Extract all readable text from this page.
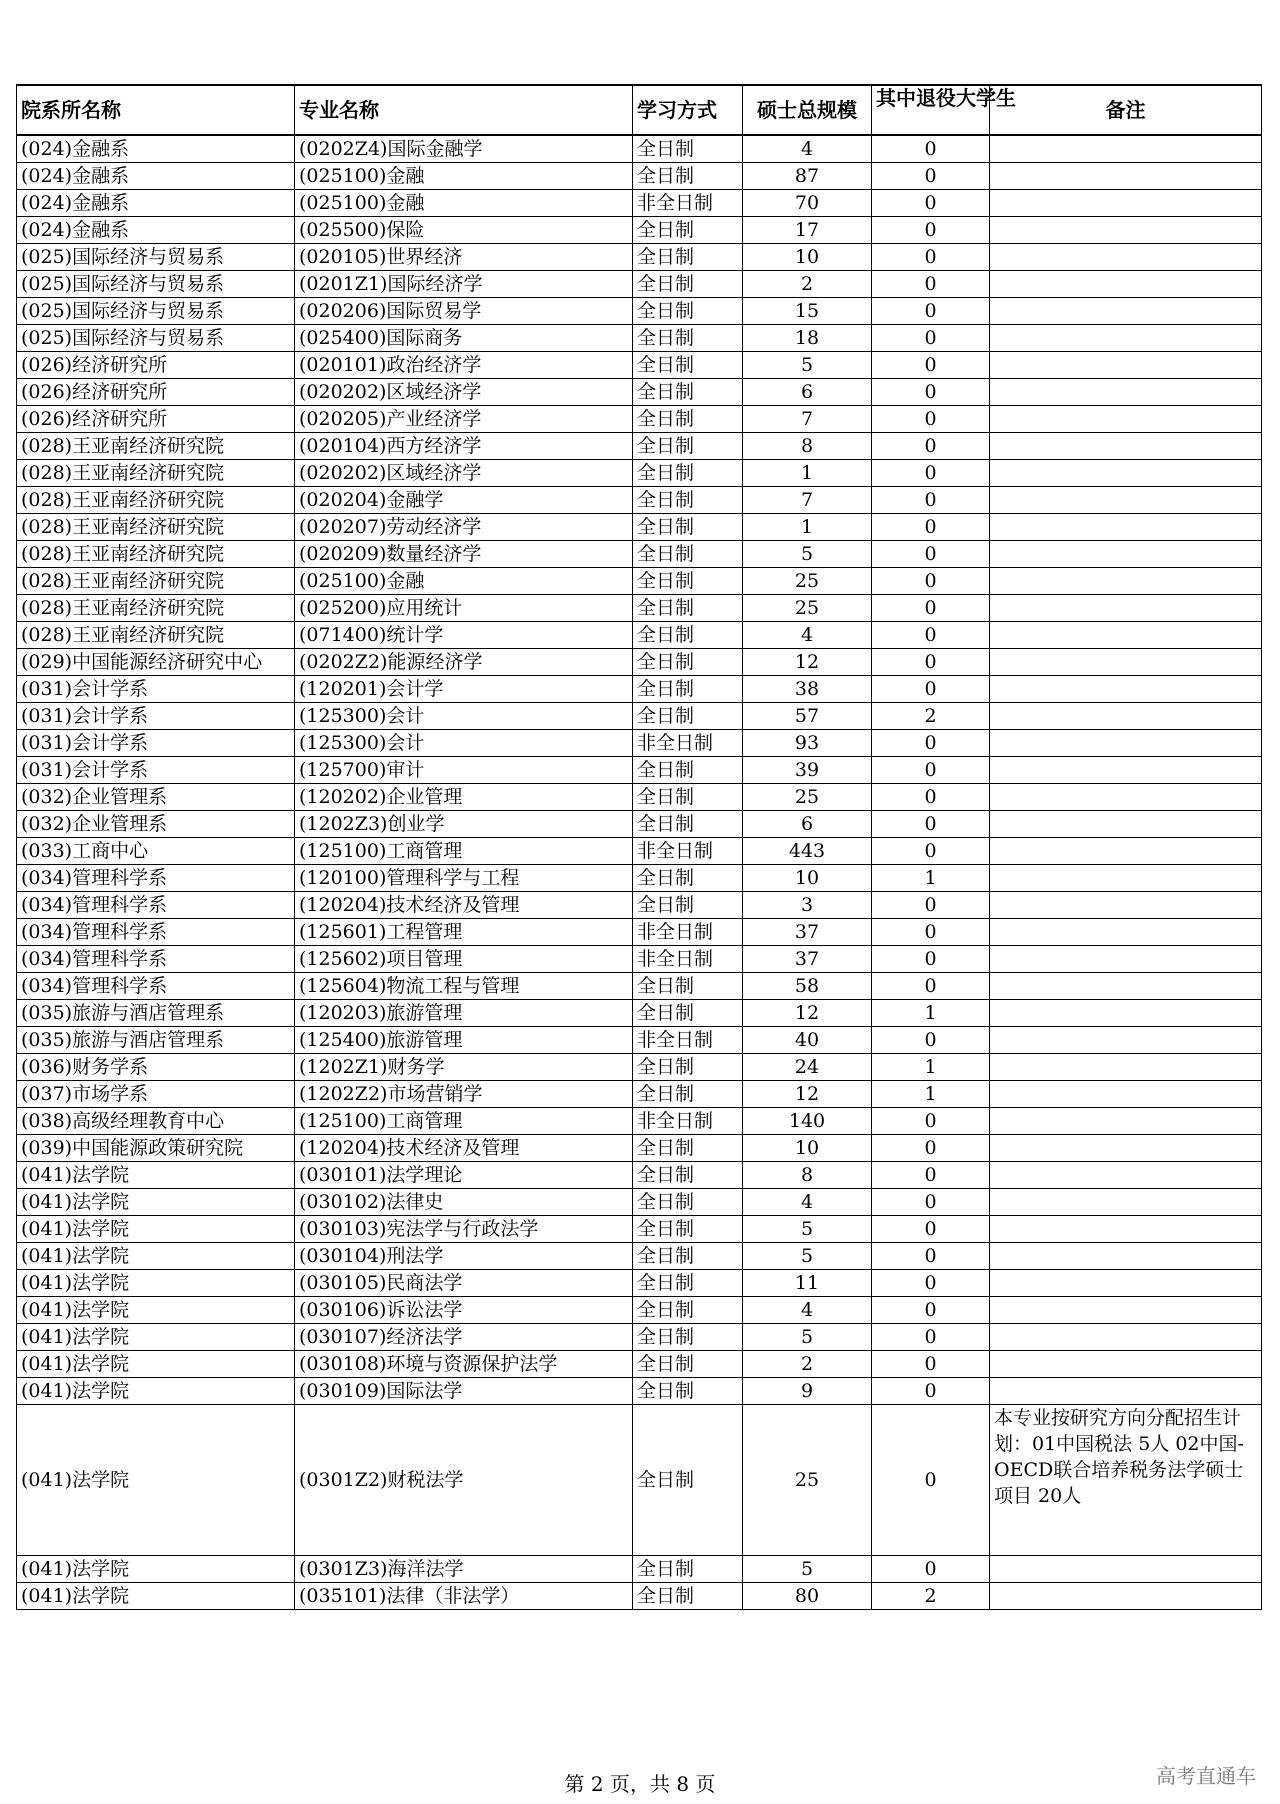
院系所名称	专业名称	学习方式	硕士总规模	其中退役大学生	备注
(024)金融系	(0202Z4)国际金融学	全日制	4	0	
(024)金融系	(025100)金融	全日制	87	0	
(024)金融系	(025100)金融	非全日制	70	0	
(024)金融系	(025500)保险	全日制	17	0	
(025)国际经济与贸易系	(020105)世界经济	全日制	10	0	
(025)国际经济与贸易系	(0201Z1)国际经济学	全日制	2	0	
(025)国际经济与贸易系	(020206)国际贸易学	全日制	15	0	
(025)国际经济与贸易系	(025400)国际商务	全日制	18	0	
(026)经济研究所	(020101)政治经济学	全日制	5	0	
(026)经济研究所	(020202)区域经济学	全日制	6	0	
(026)经济研究所	(020205)产业经济学	全日制	7	0	
(028)王亚南经济研究院	(020104)西方经济学	全日制	8	0	
(028)王亚南经济研究院	(020202)区域经济学	全日制	1	0	
(028)王亚南经济研究院	(020204)金融学	全日制	7	0	
(028)王亚南经济研究院	(020207)劳动经济学	全日制	1	0	
(028)王亚南经济研究院	(020209)数量经济学	全日制	5	0	
(028)王亚南经济研究院	(025100)金融	全日制	25	0	
(028)王亚南经济研究院	(025200)应用统计	全日制	25	0	
(028)王亚南经济研究院	(071400)统计学	全日制	4	0	
(029)中国能源经济研究中心	(0202Z2)能源经济学	全日制	12	0	
(031)会计学系	(120201)会计学	全日制	38	0	
(031)会计学系	(125300)会计	全日制	57	2	
(031)会计学系	(125300)会计	非全日制	93	0	
(031)会计学系	(125700)审计	全日制	39	0	
(032)企业管理系	(120202)企业管理	全日制	25	0	
(032)企业管理系	(1202Z3)创业学	全日制	6	0	
(033)工商中心	(125100)工商管理	非全日制	443	0	
(034)管理科学系	(120100)管理科学与工程	全日制	10	1	
(034)管理科学系	(120204)技术经济及管理	全日制	3	0	
(034)管理科学系	(125601)工程管理	非全日制	37	0	
(034)管理科学系	(125602)项目管理	非全日制	37	0	
(034)管理科学系	(125604)物流工程与管理	全日制	58	0	
(035)旅游与酒店管理系	(120203)旅游管理	全日制	12	1	
(035)旅游与酒店管理系	(125400)旅游管理	非全日制	40	0	
(036)财务学系	(1202Z1)财务学	全日制	24	1	
(037)市场学系	(1202Z2)市场营销学	全日制	12	1	
(038)高级经理教育中心	(125100)工商管理	非全日制	140	0	
(039)中国能源政策研究院	(120204)技术经济及管理	全日制	10	0	
(041)法学院	(030101)法学理论	全日制	8	0	
(041)法学院	(030102)法律史	全日制	4	0	
(041)法学院	(030103)宪法学与行政法学	全日制	5	0	
(041)法学院	(030104)刑法学	全日制	5	0	
(041)法学院	(030105)民商法学	全日制	11	0	
(041)法学院	(030106)诉讼法学	全日制	4	0	
(041)法学院	(030107)经济法学	全日制	5	0	
(041)法学院	(030108)环境与资源保护法学	全日制	2	0	
(041)法学院	(030109)国际法学	全日制	9	0	
(041)法学院	(0301Z2)财税法学	全日制	25	0	本专业按研究方向分配招生计划：01中国税法 5人 02中国-OECD联合培养税务法学硕士项目 20人

(041)法学院	(0301Z3)海洋法学	全日制	5	0	
(041)法学院	(035101)法律（非法学）	全日制	80	2	
第 2 页，共 8 页	高考直通车
